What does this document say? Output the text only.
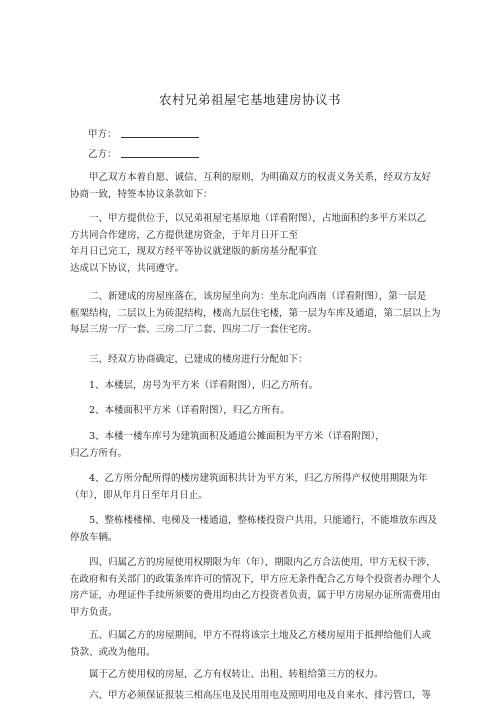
农村兄弟祖屋宅基地建房协议书
甲方：
乙方：

甲乙双方本着自愿、诚信、互利的原则，为明确双方的权责义务关系，经双方友好
协商一致，特签本协议条款如下：

一、甲方提供位于，以兄弟祖屋宅基原地（详看附图），占地面积约多平方米以乙
方共同合作建房，乙方提供建房资金，于年月日开工至
年月日已完工，现双方经平等协议就建版的新房基分配事宜
达成以下协议，共同遵守。

二、新建成的房屋座落在，该房屋坐向为：坐东北向西南（详看附图），第一层是
框架结构，二层以上为砖混结构，楼高九层住宅楼，第一层为车库及通道，第二层以上为
每层三房一厅一套、三房二厅二套、四房二厅一套住宅房。

三、经双方协商确定，已建成的楼房进行分配如下：

1、本楼层，房号为平方米（详看附图），归乙方所有。

2、本楼面积平方米（详看附图），归乙方所有。

3、本楼一楼车库号为建筑面积及通道公摊面积为平方米（详看附图），
归乙方所有。

4、乙方所分配所得的楼房建筑面积共计为平方米，归乙方所得产权使用期限为年
（年），即从年月日至年月日止。

5、整栋楼楼梯、电梯及一楼通道，整栋楼投资户共用，只能通行，不能堆放东西及
停放车辆。

四、归属乙方的房屋使用权期限为年（年），期限内乙方合法使用，甲方无权干涉，
在政府和有关部门的政策条库许可的情况下，甲方应无条件配合乙方每个投资者办理个人
房产证，办理证件手续所须要的费用均由乙方投资者负责，属于甲方房屋办证所需费用由
甲方负责。

五、归属乙方的房屋期间，甲方不得将该宗土地及乙方楼房屋用于抵押给他们人或
贷款、或改为他用。

属于乙方使用权的房屋，乙方有权转让、出租、转租给第三方的权力。

六、甲方必须保证报装三相高压电及民用用电及照明用电及自来水、排污管口，等
